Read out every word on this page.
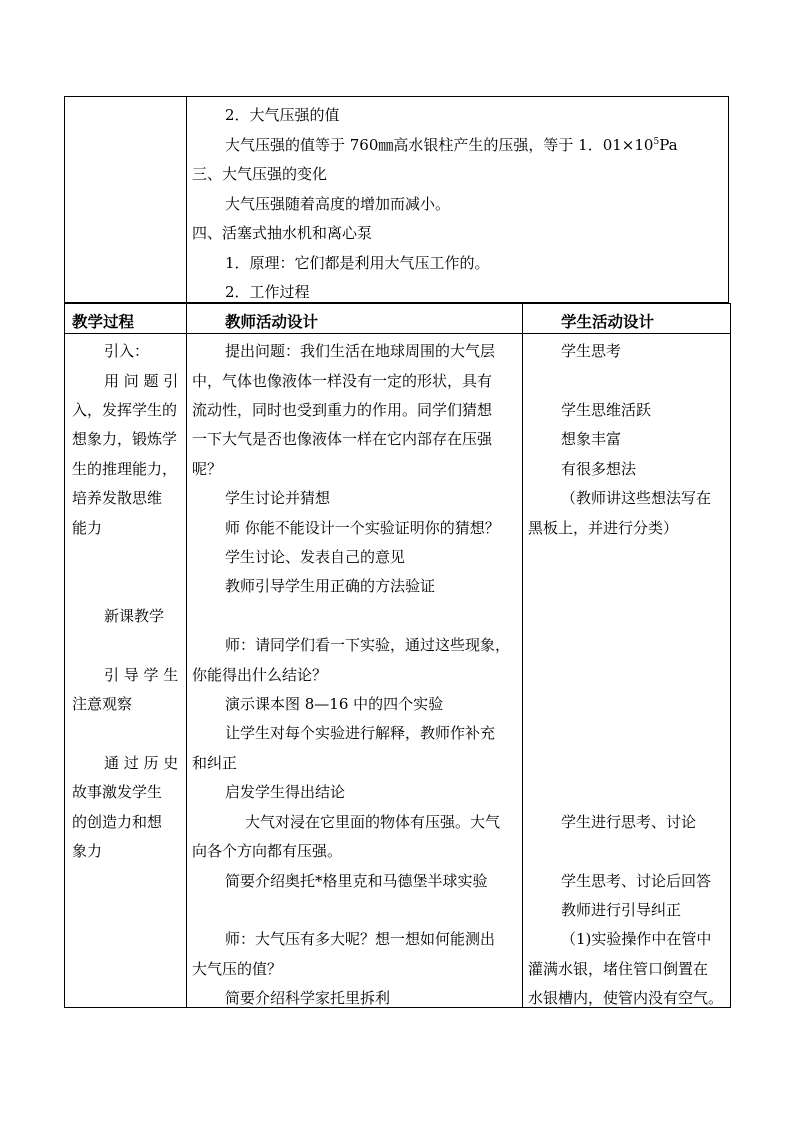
2．大气压强的值
大气压强的值等于 760㎜高水银柱产生的压强，等于 1．$01\times 10^5Pa$
三、大气压强的变化
大气压强随着高度的增加而减小。
四、活塞式抽水机和离心泵
1．原理：它们都是利用大气压工作的。
2．工作过程
教学过程	教师活动设计	学生活动设计
引入：
用 问 题 引
入，发挥学生的
想象力，锻炼学
生的推理能力，
培养发散思维
能力
新课教学
引 导 学 生
注意观察
通 过 历 史
故事激发学生
的创造力和想
象力
提出问题：我们生活在地球周围的大气层
中，气体也像液体一样没有一定的形状，具有
流动性，同时也受到重力的作用。同学们猜想
一下大气是否也像液体一样在它内部存在压强
呢？
学生讨论并猜想
师 你能不能设计一个实验证明你的猜想？
学生讨论、发表自己的意见
教师引导学生用正确的方法验证
师：请同学们看一下实验，通过这些现象，
你能得出什么结论？
演示课本图 8—16 中的四个实验
让学生对每个实验进行解释，教师作补充
和纠正
启发学生得出结论
大气对浸在它里面的物体有压强。大气
向各个方向都有压强。
简要介绍奥托*格里克和马德堡半球实验
师：大气压有多大呢？想一想如何能测出
大气压的值？
简要介绍科学家托里拆利
学生思考
学生思维活跃
想象丰富
有很多想法
（教师讲这些想法写在
黑板上，并进行分类）
学生进行思考、讨论
学生思考、讨论后回答
教师进行引导纠正
（1)实验操作中在管中
灌满水银，堵住管口倒置在
水银槽内，使管内没有空气。
